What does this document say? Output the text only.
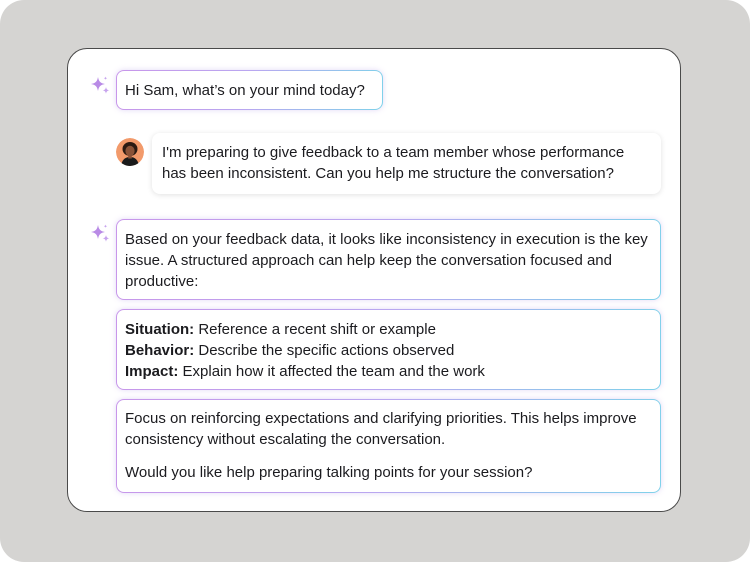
Hi Sam, what’s on your mind today?
I'm preparing to give feedback to a team member whose performance has been inconsistent. Can you help me structure the conversation?
Based on your feedback data, it looks like inconsistency in execution is the key issue. A structured approach can help keep the conversation focused and productive:
Situation: Reference a recent shift or example
Behavior: Describe the specific actions observed
Impact: Explain how it affected the team and the work

Focus on reinforcing expectations and clarifying priorities. This helps improve consistency without escalating the conversation.

Would you like help preparing talking points for your session?
